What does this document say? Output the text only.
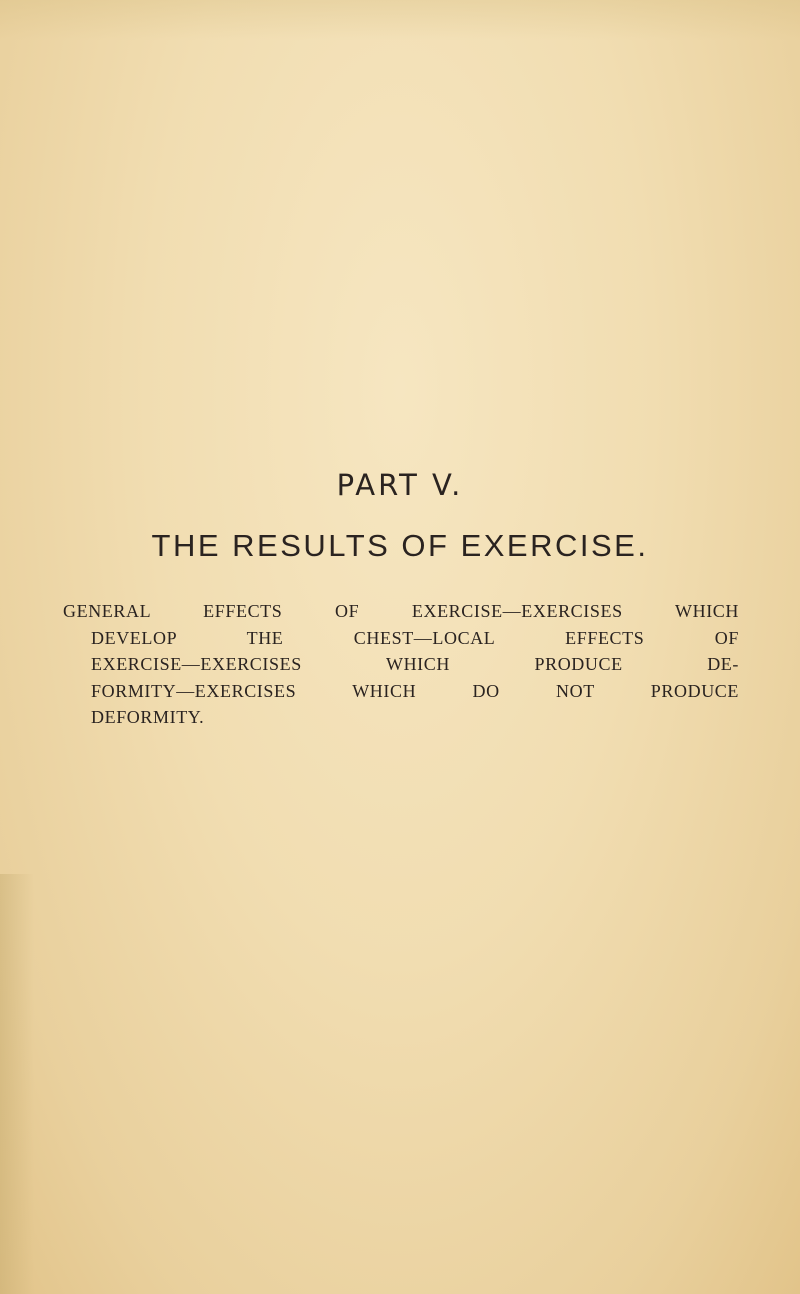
PART V.
THE RESULTS OF EXERCISE.
GENERAL EFFECTS OF EXERCISE—EXERCISES WHICH
DEVELOP THE CHEST—LOCAL EFFECTS OF
EXERCISE—EXERCISES WHICH PRODUCE DE-
FORMITY—EXERCISES WHICH DO NOT PRODUCE
DEFORMITY.
